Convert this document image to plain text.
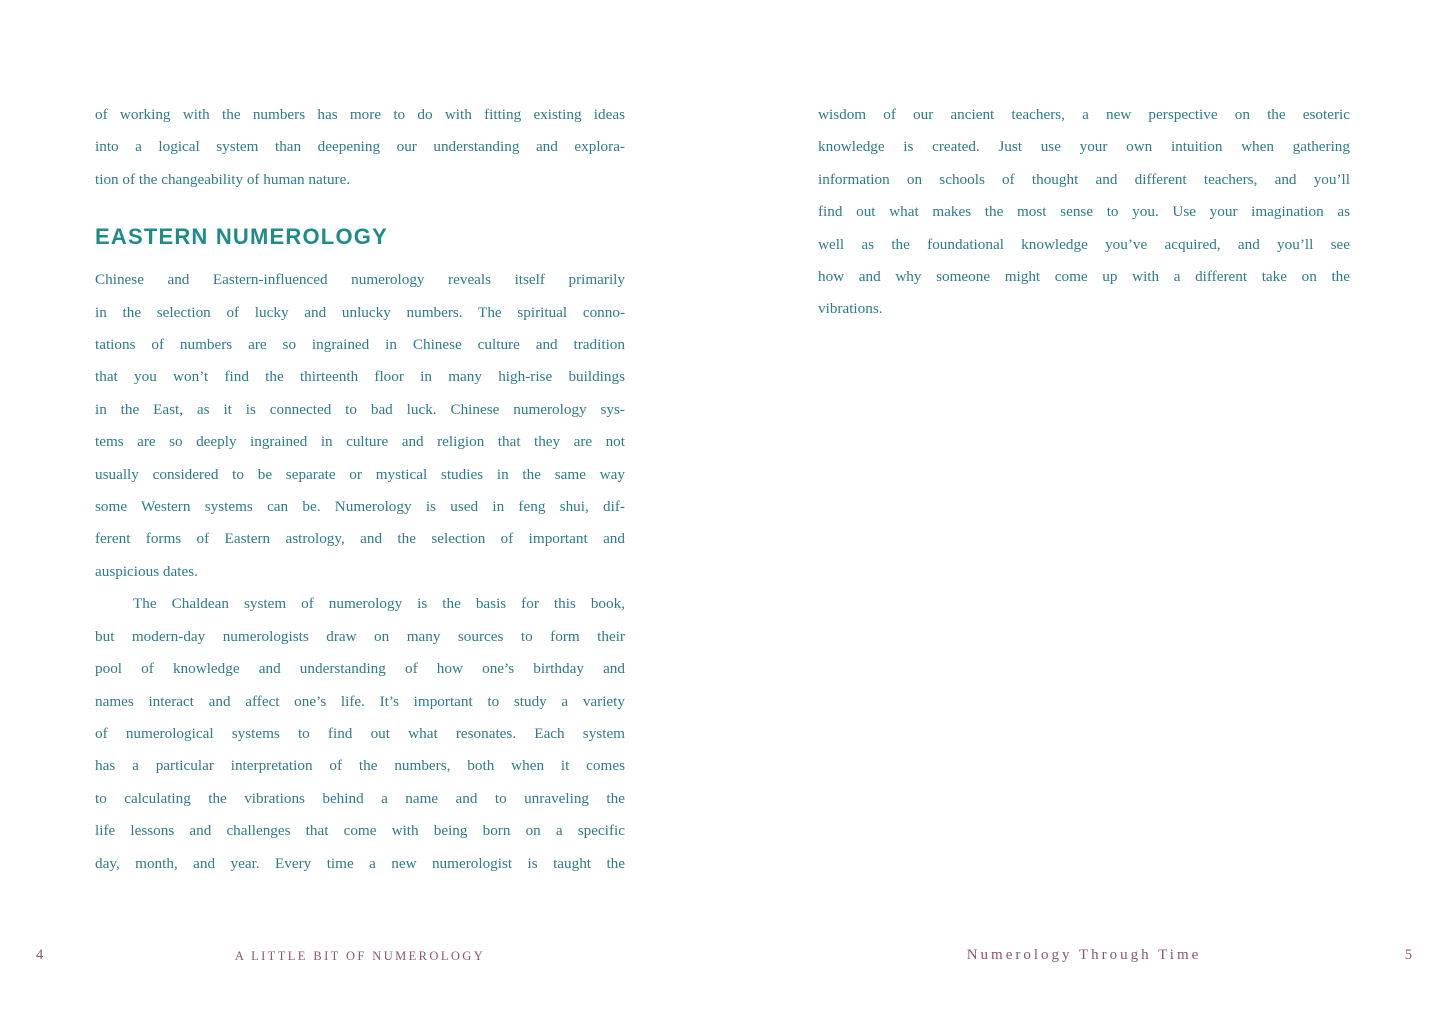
of working with the numbers has more to do with fitting existing ideas
into a logical system than deepening our understanding and explora-
tion of the changeability of human nature.
EASTERN NUMEROLOGY
Chinese and Eastern-influenced numerology reveals itself primarily
in the selection of lucky and unlucky numbers. The spiritual conno-
tations of numbers are so ingrained in Chinese culture and tradition
that you won’t find the thirteenth floor in many high-rise buildings
in the East, as it is connected to bad luck. Chinese numerology sys-
tems are so deeply ingrained in culture and religion that they are not
usually considered to be separate or mystical studies in the same way
some Western systems can be. Numerology is used in feng shui, dif-
ferent forms of Eastern astrology, and the selection of important and
auspicious dates.
The Chaldean system of numerology is the basis for this book,
but modern-day numerologists draw on many sources to form their
pool of knowledge and understanding of how one’s birthday and
names interact and affect one’s life. It’s important to study a variety
of numerological systems to find out what resonates. Each system
has a particular interpretation of the numbers, both when it comes
to calculating the vibrations behind a name and to unraveling the
life lessons and challenges that come with being born on a specific
day, month, and year. Every time a new numerologist is taught the
wisdom of our ancient teachers, a new perspective on the esoteric
knowledge is created. Just use your own intuition when gathering
information on schools of thought and different teachers, and you’ll
find out what makes the most sense to you. Use your imagination as
well as the foundational knowledge you’ve acquired, and you’ll see
how and why someone might come up with a different take on the
vibrations.
4	A LITTLE BIT OF NUMEROLOGY	Numerology Through Time	5
